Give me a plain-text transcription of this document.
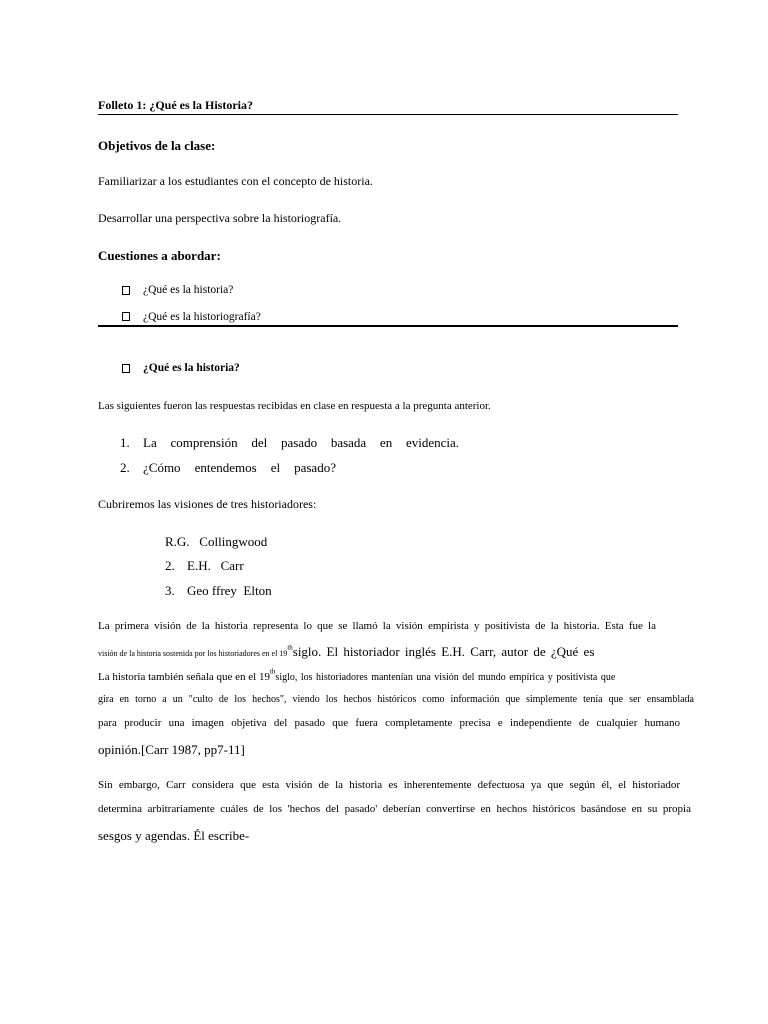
Folleto 1: ¿Qué es la Historia?
Objetivos de la clase:
Familiarizar a los estudiantes con el concepto de historia.
Desarrollar una perspectiva sobre la historiografía.
Cuestiones a abordar:
¿Qué es la historia?
¿Qué es la historiografía?
¿Qué es la historia?
Las siguientes fueron las respuestas recibidas en clase en respuesta a la pregunta anterior.
1. La comprensión del pasado basada en evidencia.
2. ¿Cómo entendemos el pasado?
Cubriremos las visiones de tres historiadores:
R.G.   Collingwood
2. E.H.   Carr
3. Geo ffrey  Elton
La primera visión de la historia representa lo que se llamó la visión empirista y positivista de la historia. Esta fue la
visión de la historia sostenida por los historiadores en el 19thsiglo. El historiador inglés E.H. Carr, autor de ¿Qué es
La historia también señala que en el 19thsiglo, los historiadores mantenían una visión del mundo empírica y positivista que
gira en torno a un "culto de los hechos", viendo los hechos históricos como información que simplemente tenía que ser ensamblada
para producir una imagen objetiva del pasado que fuera completamente precisa e independiente de cualquier humano
opinión.[Carr 1987, pp7-11]
Sin embargo, Carr considera que esta visión de la historia es inherentemente defectuosa ya que según él, el historiador
determina arbitrariamente cuáles de los 'hechos del pasado' deberían convertirse en hechos históricos basándose en su propia
sesgos y agendas. Él escribe-
